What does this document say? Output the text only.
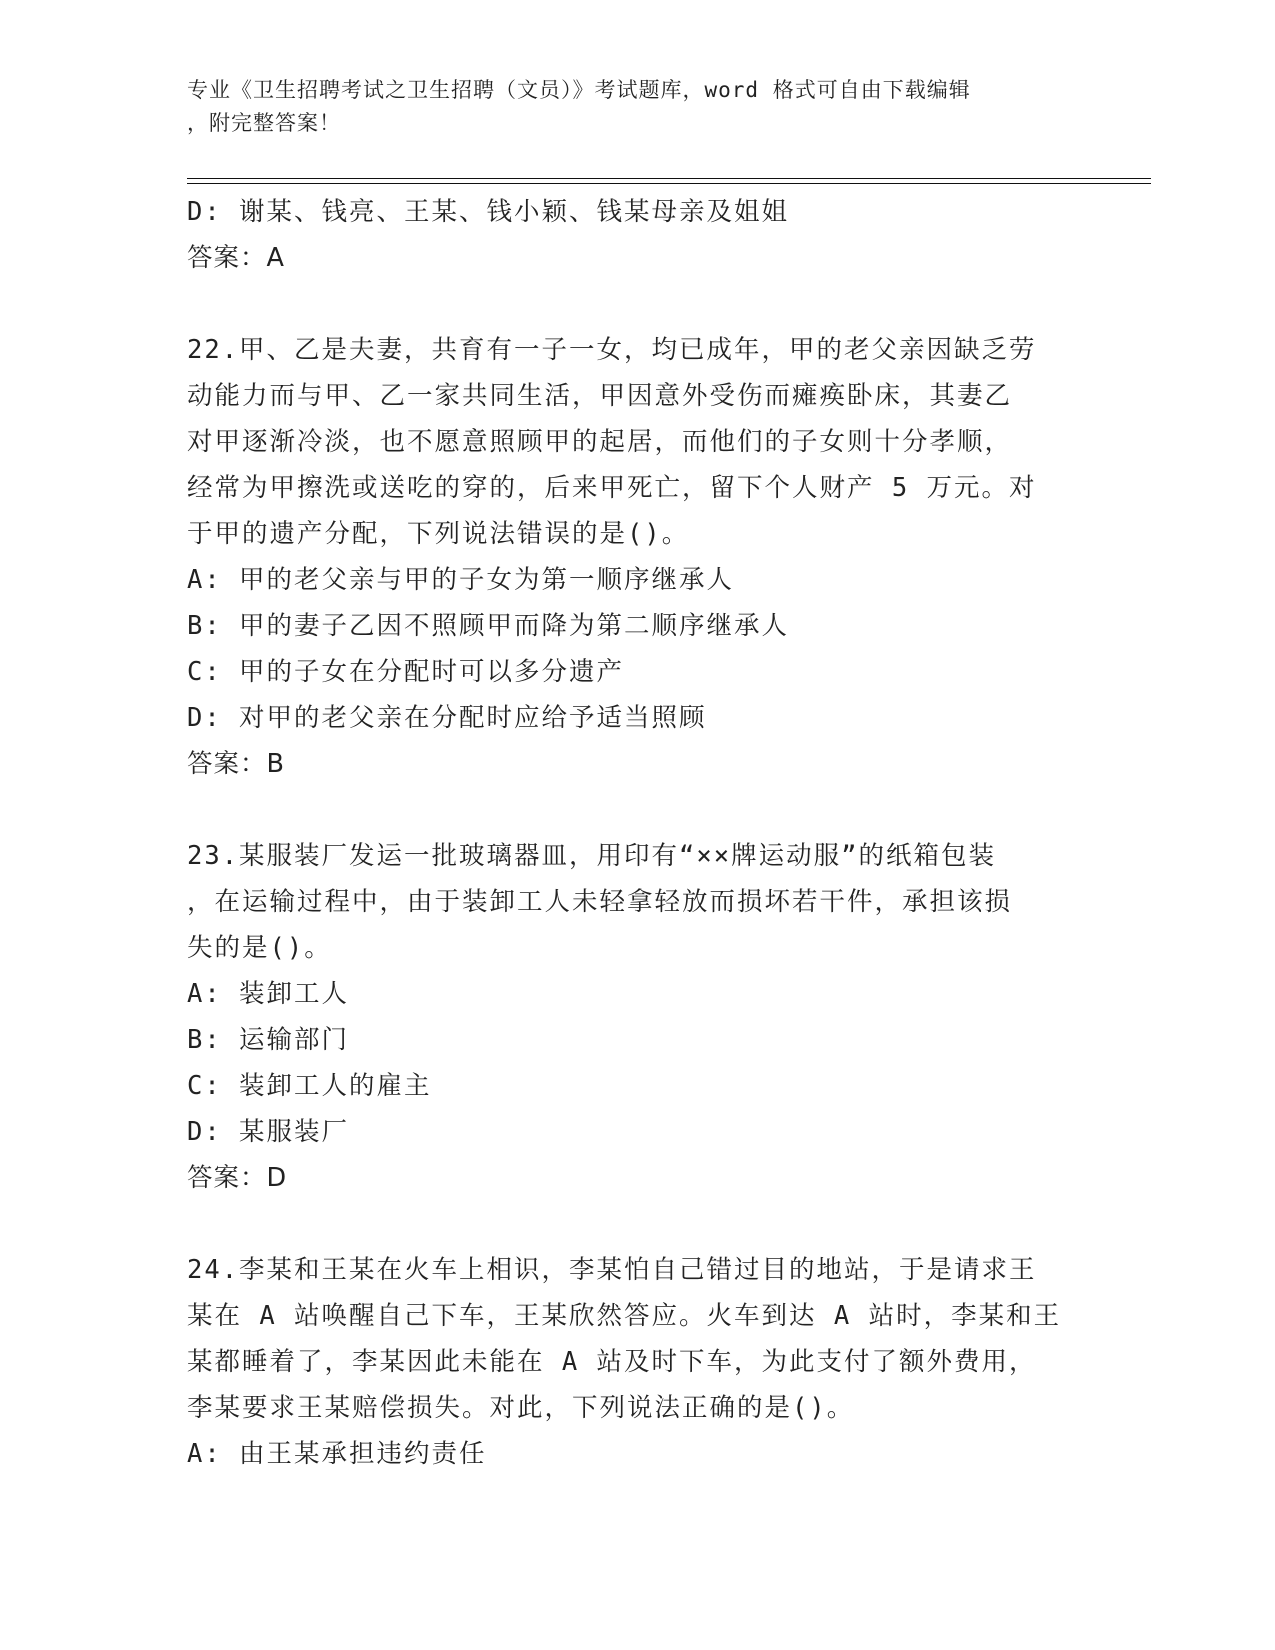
专业《卫生招聘考试之卫生招聘（文员）》考试题库，word 格式可自由下载编辑
，附完整答案！
D: 谢某、钱亮、王某、钱小颖、钱某母亲及姐姐
答案：A
22.甲、乙是夫妻，共育有一子一女，均已成年，甲的老父亲因缺乏劳
动能力而与甲、乙一家共同生活，甲因意外受伤而瘫痪卧床，其妻乙
对甲逐渐冷淡，也不愿意照顾甲的起居，而他们的子女则十分孝顺，
经常为甲擦洗或送吃的穿的，后来甲死亡，留下个人财产 5 万元。对
于甲的遗产分配，下列说法错误的是()。
A: 甲的老父亲与甲的子女为第一顺序继承人
B: 甲的妻子乙因不照顾甲而降为第二顺序继承人
C: 甲的子女在分配时可以多分遗产
D: 对甲的老父亲在分配时应给予适当照顾
答案：B
23.某服装厂发运一批玻璃器皿，用印有“××牌运动服”的纸箱包装
，在运输过程中，由于装卸工人未轻拿轻放而损坏若干件，承担该损
失的是()。
A: 装卸工人
B: 运输部门
C: 装卸工人的雇主
D: 某服装厂
答案：D
24.李某和王某在火车上相识，李某怕自己错过目的地站，于是请求王
某在 A 站唤醒自己下车，王某欣然答应。火车到达 A 站时，李某和王
某都睡着了，李某因此未能在 A 站及时下车，为此支付了额外费用，
李某要求王某赔偿损失。对此，下列说法正确的是()。
A: 由王某承担违约责任
